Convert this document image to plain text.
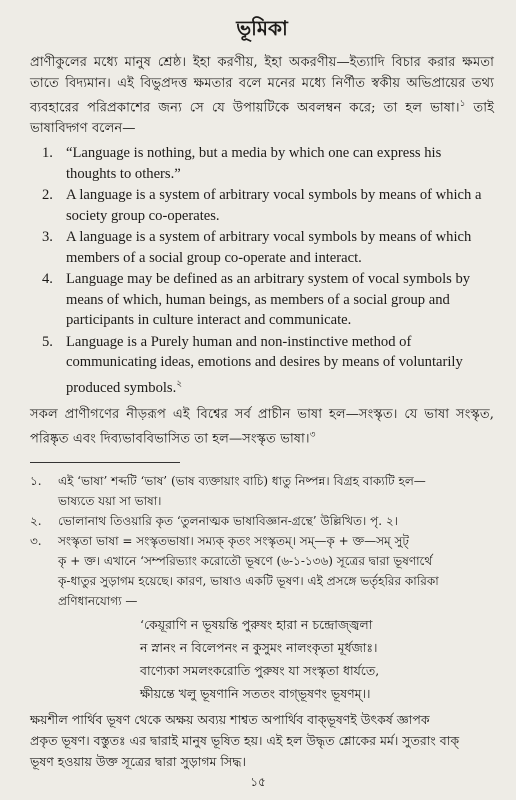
ভূমিকা

প্রাণীকুলের মধ্যে মানুষ শ্রেষ্ঠ। ইহা করণীয়, ইহা অকরণীয়—ইত্যাদি বিচার করার ক্ষমতা তাতে বিদ্যমান। এই বিভুপ্রদত্ত ক্ষমতার বলে মনের মধ্যে নির্ণীত স্বকীয় অভিপ্রায়ের তথ্য ব্যবহারের পরিপ্রকাশের জন্য সে যে উপায়টিকে অবলম্বন করে; তা হল ভাষা।$^১$ তাই ভাষাবিদ্গণ বলেন—

1. “Language is nothing, but a media by which one can express his thoughts to others.”
2. A language is a system of arbitrary vocal symbols by means of which a society group co-operates.
3. A language is a system of arbitrary vocal symbols by means of which members of a social group co-operate and interact.
4. Language may be defined as an arbitrary system of vocal symbols by means of which, human beings, as members of a social group and participants in culture interact and communicate.
5. Language is a Purely human and non-instinctive method of communicating ideas, emotions and desires by means of voluntarily produced symbols.$^২$

সকল প্রাণীগণের নীড়রূপ এই বিশ্বের সর্ব প্রাচীন ভাষা হল—সংস্কৃত। যে ভাষা সংস্কৃত, পরিষ্কৃত এবং দিব্যভাববিভাসিত তা হল—সংস্কৃত ভাষা।$^৩$

১.	এই ‘ভাষা’ শব্দটি ‘ভাষ’ (ভাষ ব্যক্তায়াং বাচি) ধাতু নিষ্পন্ন। বিগ্রহ বাক্যটি হল—
ভাষ্যতে যয়া সা ভাষা।
২.	ভোলানাথ তিওয়ারি কৃত ‘তুলনাত্মক ভাষাবিজ্ঞান-গ্রন্থে’ উল্লিখিত। পৃ. ২।
৩.	সংস্কৃতা ভাষা = সংস্কৃতভাষা। সম্যক্ কৃতং সংস্কৃতম্। সম্—কৃ + ক্ত—সম্ সুট্
কৃ + ক্ত। এখানে ‘সম্পরিভ্যাং করোতৌ ভূষণে (৬-১-১৩৬) সূত্রের দ্বারা ভূষণার্থে
কৃ-ধাতুর সুড়াগম হয়েছে। কারণ, ভাষাও একটি ভূষণ। এই প্রসঙ্গে ভর্তৃহরির কারিকা
প্রণিধানযোগ্য —
‘কেয়ূরাণি ন ভূষয়ন্তি পুরুষং হারা ন চন্দ্রোজ্জ্বলা
ন স্নানং ন বিলেপনং ন কুসুমং নালংকৃতা মূর্ধজাঃ।
বাণ্যেকা সমলংকরোতি পুরুষং যা সংস্কৃতা ধার্যতে,
ক্ষীয়ন্তে খলু ভূষণানি সততং বাগ্‌ভূষণং ভূষণম্।।

ক্ষয়শীল পার্থিব ভূষণ থেকে অক্ষয় অব্যয় শাশ্বত অপার্থিব বাক্‌ভূষণই উৎকর্ষ জ্ঞাপক
প্রকৃত ভূষণ। বস্তুতঃ এর দ্বারাই মানুষ ভূষিত হয়। এই হল উদ্ধৃত শ্লোকের মর্ম। সুতরাং বাক্
ভূষণ হওয়ায় উক্ত সূত্রের দ্বারা সুড়াগম সিদ্ধ।

১৫
